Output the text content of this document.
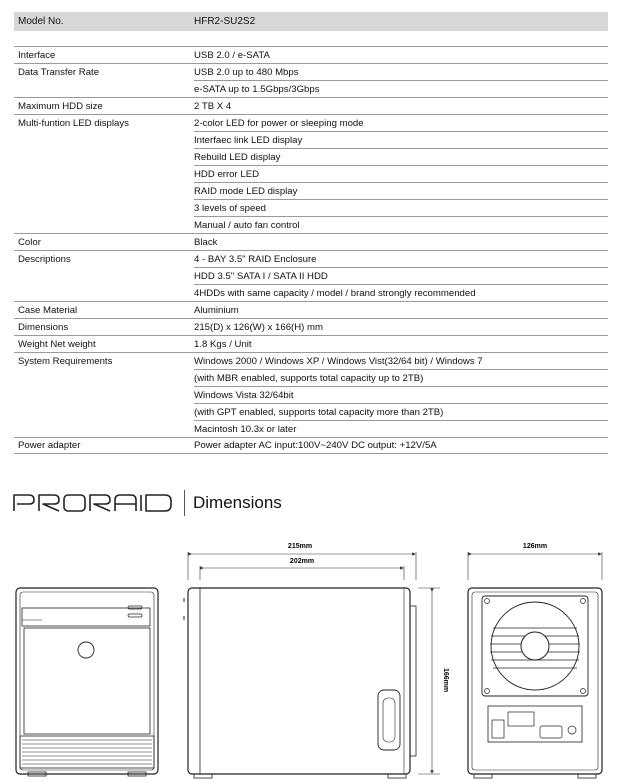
Model No.	HFR2-SU2S2
Interface	USB 2.0 / e-SATA
Data Transfer Rate	USB 2.0 up to 480 Mbps
e-SATA up to 1.5Gbps/3Gbps
Maximum HDD size	2 TB X 4
Multi-funtion LED displays	2-color LED for power or sleeping mode
Interfaec link LED display
Rebuild LED display
HDD error LED
RAID mode LED display
3 levels of speed
Manual / auto fan control
Color	Black
Descriptions	4 - BAY 3.5" RAID Enclosure
HDD 3.5" SATA I / SATA II HDD
4HDDs with same capacity / model / brand strongly recommended
Case Material	Aluminium
Dimensions	215(D) x 126(W) x 166(H) mm
Weight Net weight	1.8 Kgs / Unit
System Requirements	Windows 2000 / Windows XP / Windows Vist(32/64 bit) / Windows 7
(with MBR enabled, supports total capacity up to 2TB)
Windows Vista 32/64bit
(with GPT enabled, supports total capacity more than 2TB)
Macintosh 10.3x or later
Power adapter	Power adapter AC input:100V~240V DC output: +12V/5A
Dimensions
215mm
202mm
166mm
126mm
